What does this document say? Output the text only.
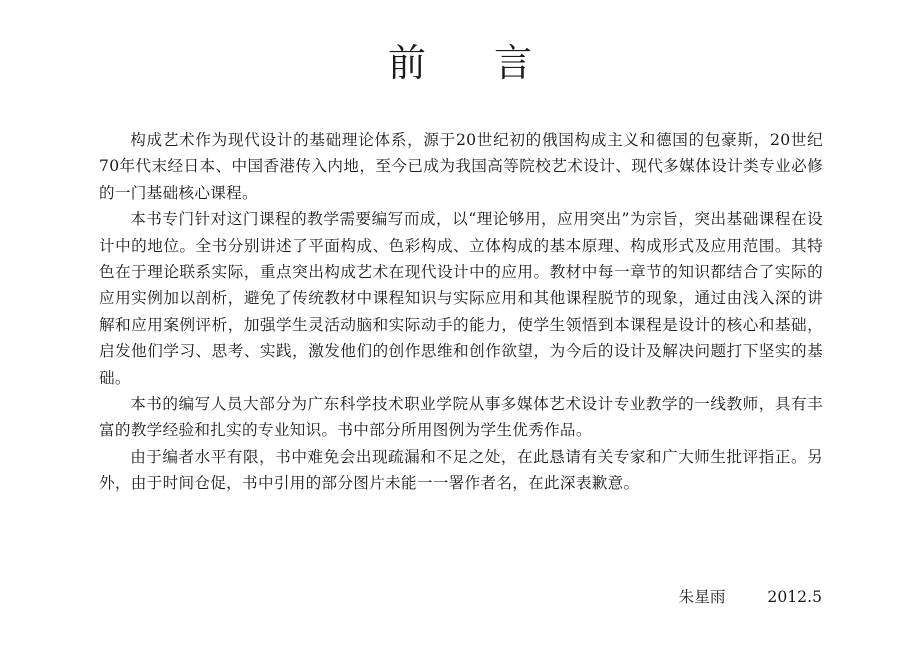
前 言

构成艺术作为现代设计的基础理论体系，源于20世纪初的俄国构成主义和德国的包豪斯，20世纪70年代末经日本、中国香港传入内地，至今已成为我国高等院校艺术设计、现代多媒体设计类专业必修的一门基础核心课程。

本书专门针对这门课程的教学需要编写而成，以“理论够用，应用突出”为宗旨，突出基础课程在设计中的地位。全书分别讲述了平面构成、色彩构成、立体构成的基本原理、构成形式及应用范围。其特色在于理论联系实际，重点突出构成艺术在现代设计中的应用。教材中每一章节的知识都结合了实际的应用实例加以剖析，避免了传统教材中课程知识与实际应用和其他课程脱节的现象，通过由浅入深的讲解和应用案例评析，加强学生灵活动脑和实际动手的能力，使学生领悟到本课程是设计的核心和基础，启发他们学习、思考、实践，激发他们的创作思维和创作欲望，为今后的设计及解决问题打下坚实的基础。

本书的编写人员大部分为广东科学技术职业学院从事多媒体艺术设计专业教学的一线教师，具有丰富的教学经验和扎实的专业知识。书中部分所用图例为学生优秀作品。

由于编者水平有限，书中难免会出现疏漏和不足之处，在此恳请有关专家和广大师生批评指正。另外，由于时间仓促，书中引用的部分图片未能一一署作者名，在此深表歉意。

朱星雨	2012.5
